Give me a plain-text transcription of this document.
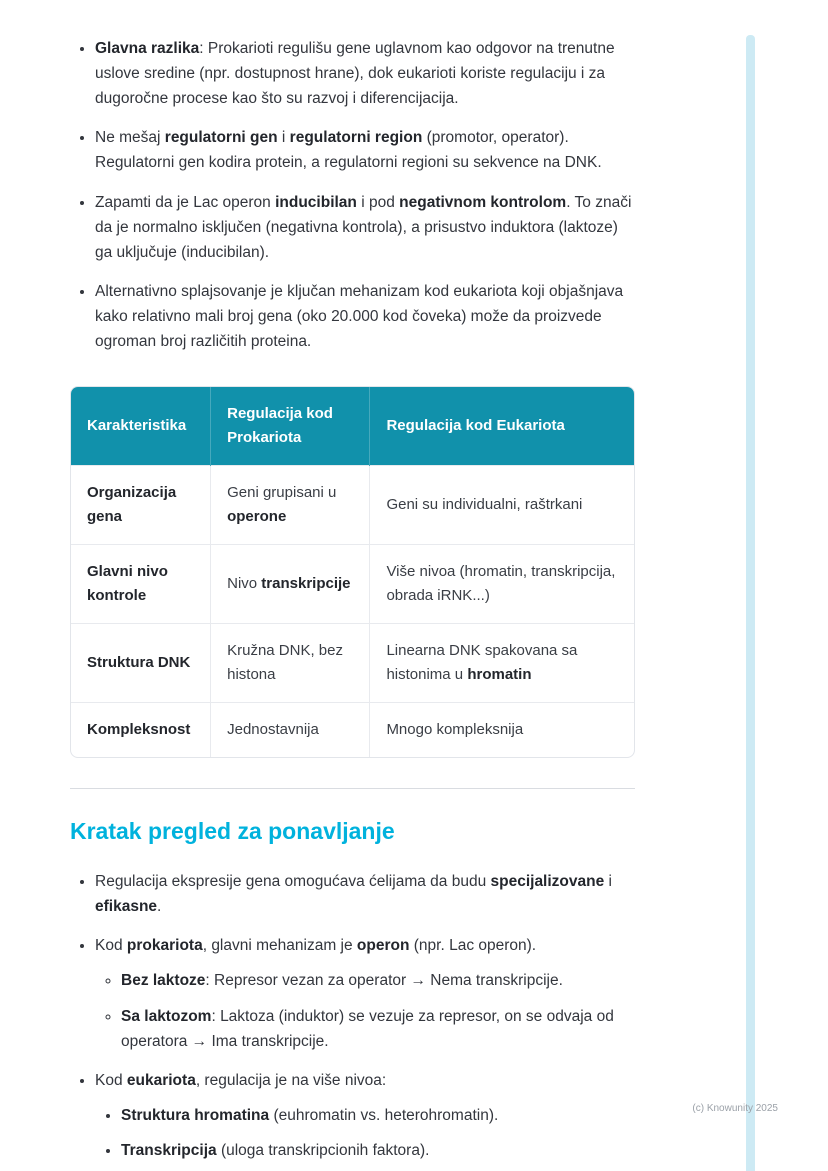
• Glavna razlika: Prokarioti regulišu gene uglavnom kao odgovor na trenutne uslove sredine (npr. dostupnost hrane), dok eukarioti koriste regulaciju i za dugoročne procese kao što su razvoj i diferencijacija.
• Ne mešaj regulatorni gen i regulatorni region (promotor, operator). Regulatorni gen kodira protein, a regulatorni regioni su sekvence na DNK.
• Zapamti da je Lac operon inducibilan i pod negativnom kontrolom. To znači da je normalno isključen (negativna kontrola), a prisustvo induktora (laktoze) ga uključuje (inducibilan).
• Alternativno splajsovanje je ključan mehanizam kod eukariota koji objašnjava kako relativno mali broj gena (oko 20.000 kod čoveka) može da proizvede ogroman broj različitih proteina.
Karakteristika	Regulacija kod Prokariota	Regulacija kod Eukariota
Organizacija gena	Geni grupisani u operone	Geni su individualni, raštrkani
Glavni nivo kontrole	Nivo transkripcije	Više nivoa (hromatin, transkripcija, obrada iRNK...)
Struktura DNK	Kružna DNK, bez histona	Linearna DNK spakovana sa histonima u hromatin
Kompleksnost	Jednostavnija	Mnogo kompleksnija
Kratak pregled za ponavljanje
• Regulacija ekspresije gena omogućava ćelijama da budu specijalizovane i efikasne.
• Kod prokariota, glavni mehanizam je operon (npr. Lac operon).
◦ Bez laktoze: Represor vezan za operator → Nema transkripcije.
◦ Sa laktozom: Laktoza (induktor) se vezuje za represor, on se odvaja od operatora → Ima transkripcije.
• Kod eukariota, regulacija je na više nivoa:
• Struktura hromatina (euhromatin vs. heterohromatin).
• Transkripcija (uloga transkripcionih faktora).
(c) Knowunity 2025
